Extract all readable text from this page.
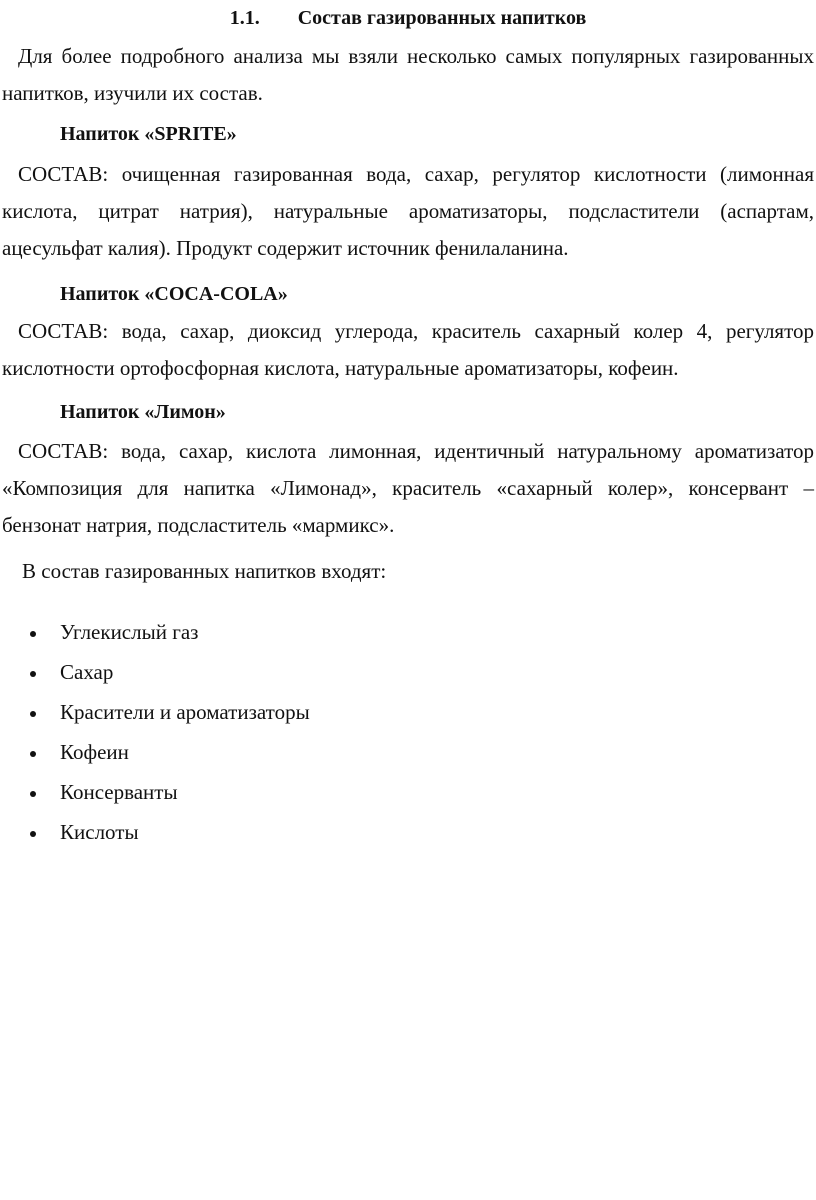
1.1. Состав газированных напитков
Для более подробного анализа мы взяли несколько самых популярных газированных напитков, изучили их состав.
Напиток «SPRITE»
СОСТАВ: очищенная газированная вода, сахар, регулятор кислотности (лимонная кислота, цитрат натрия), натуральные ароматизаторы, подсластители (аспартам, ацесульфат калия). Продукт содержит источник фенилаланина.
Напиток «COCA-COLA»
СОСТАВ: вода, сахар, диоксид углерода, краситель сахарный колер 4, регулятор кислотности ортофосфорная кислота, натуральные ароматизаторы, кофеин.
Напиток «Лимон»
СОСТАВ: вода, сахар, кислота лимонная, идентичный натуральному ароматизатор «Композиция для напитка «Лимонад», краситель «сахарный колер», консервант – бензонат натрия, подсластитель «мармикс».
В состав газированных напитков входят:
Углекислый газ
Сахар
Красители и ароматизаторы
Кофеин
Консерванты
Кислоты
